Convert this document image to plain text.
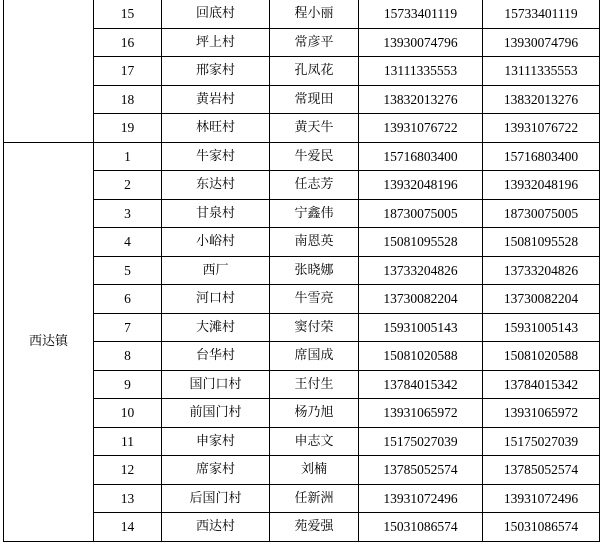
	15	回底村	程小丽	15733401119	15733401119
	16	坪上村	常彦平	13930074796	13930074796
	17	邢家村	孔凤花	13111335553	13111335553
	18	黄岩村	常现田	13832013276	13832013276
	19	林旺村	黄天牛	13931076722	13931076722
西达镇	1	牛家村	牛爱民	15716803400	15716803400
	2	东达村	任志芳	13932048196	13932048196
	3	甘泉村	宁鑫伟	18730075005	18730075005
	4	小峪村	南恩英	15081095528	15081095528
	5	西厂	张晓娜	13733204826	13733204826
	6	河口村	牛雪亮	13730082204	13730082204
	7	大滩村	窦付荣	15931005143	15931005143
	8	台华村	席国成	15081020588	15081020588
	9	国门口村	王付生	13784015342	13784015342
	10	前国门村	杨乃旭	13931065972	13931065972
	11	申家村	申志文	15175027039	15175027039
	12	席家村	刘楠	13785052574	13785052574
	13	后国门村	任新洲	13931072496	13931072496
	14	西达村	苑爱强	15031086574	15031086574
